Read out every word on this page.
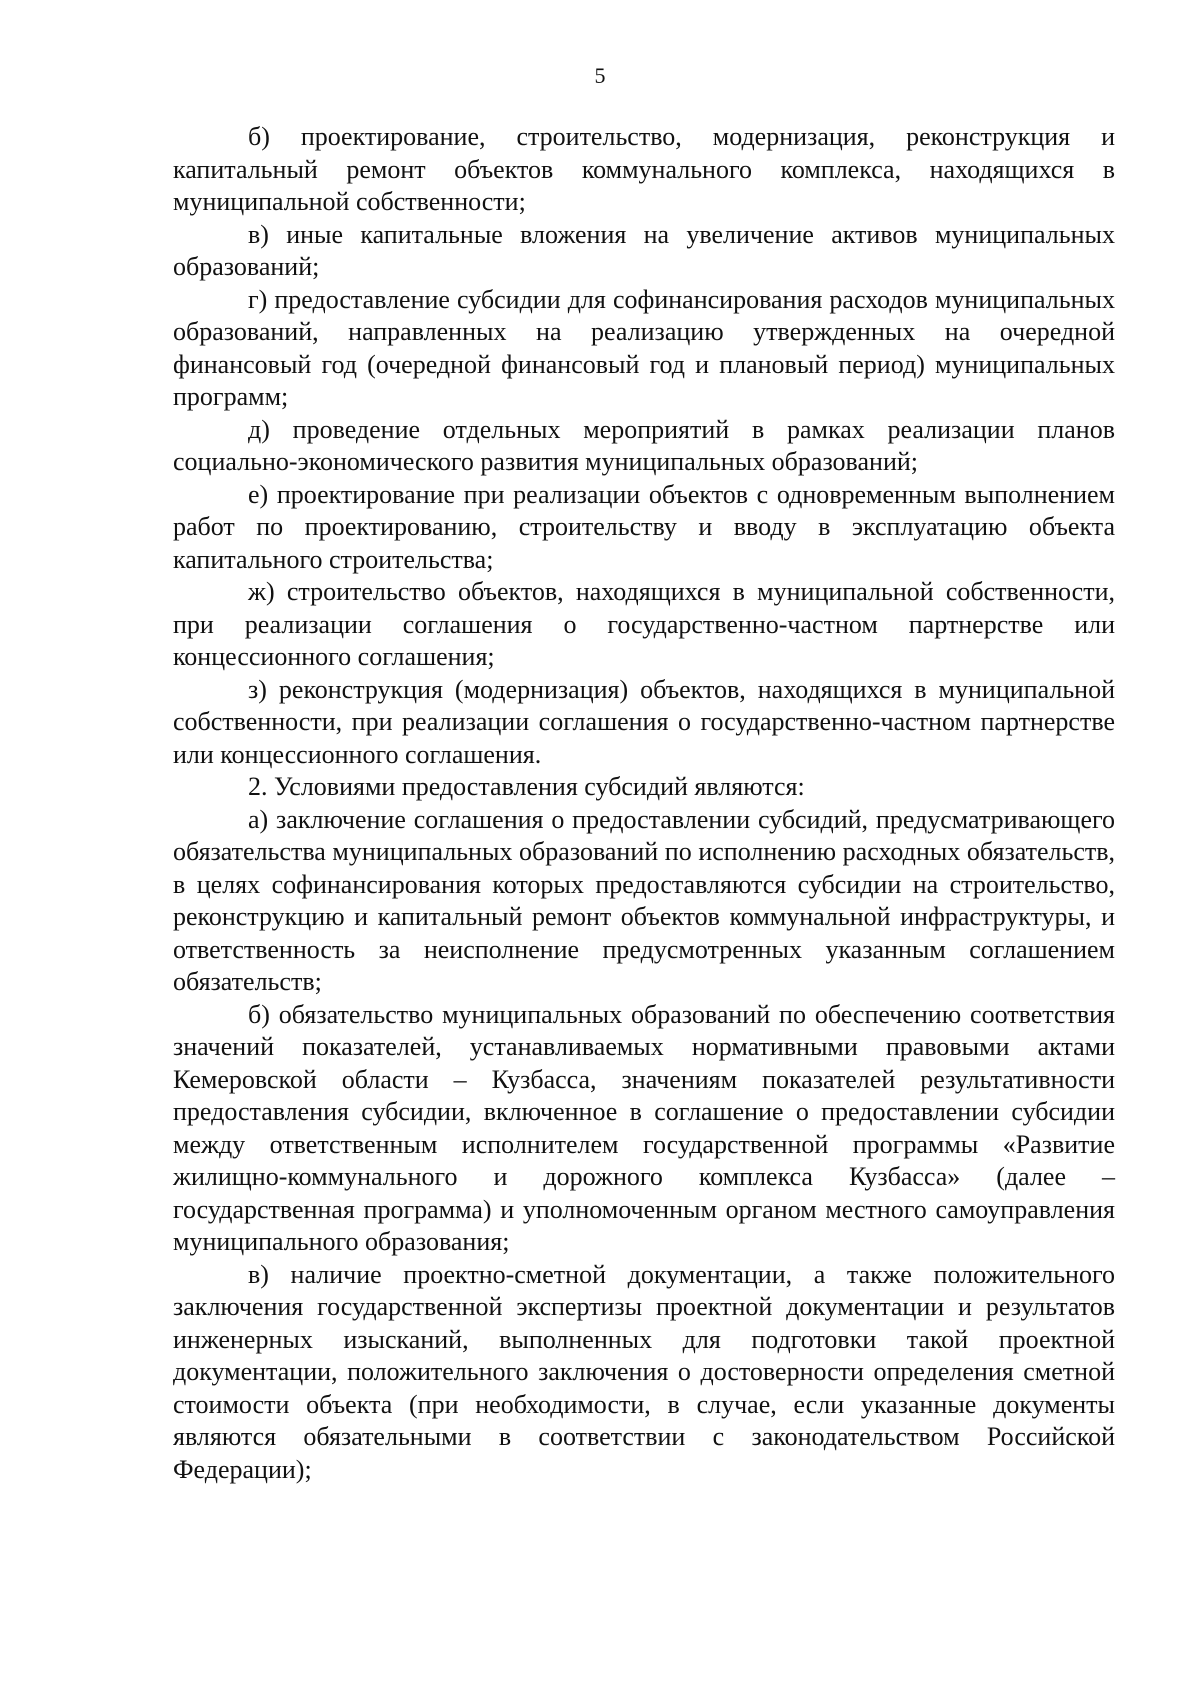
5

б) проектирование, строительство, модернизация, реконструкция и капитальный ремонт объектов коммунального комплекса, находящихся в муниципальной собственности;

в) иные капитальные вложения на увеличение активов муниципальных образований;

г) предоставление субсидии для софинансирования расходов муниципальных образований, направленных на реализацию утвержденных на очередной финансовый год (очередной финансовый год и плановый период) муниципальных программ;

д) проведение отдельных мероприятий в рамках реализации планов социально-экономического развития муниципальных образований;

е) проектирование при реализации объектов с одновременным выполнением работ по проектированию, строительству и вводу в эксплуатацию объекта капитального строительства;

ж) строительство объектов, находящихся в муниципальной собственности, при реализации соглашения о государственно-частном партнерстве или концессионного соглашения;

з) реконструкция (модернизация) объектов, находящихся в муниципальной собственности, при реализации соглашения о государственно-частном партнерстве или концессионного соглашения.

2. Условиями предоставления субсидий являются:

а) заключение соглашения о предоставлении субсидий, предусматривающего обязательства муниципальных образований по исполнению расходных обязательств, в целях софинансирования которых предоставляются субсидии на строительство, реконструкцию и капитальный ремонт объектов коммунальной инфраструктуры, и ответственность за неисполнение предусмотренных указанным соглашением обязательств;

б) обязательство муниципальных образований по обеспечению соответствия значений показателей, устанавливаемых нормативными правовыми актами Кемеровской области – Кузбасса, значениям показателей результативности предоставления субсидии, включенное в соглашение о предоставлении субсидии между ответственным исполнителем государственной программы «Развитие жилищно-коммунального и дорожного комплекса Кузбасса» (далее – государственная программа) и уполномоченным органом местного самоуправления муниципального образования;

в) наличие проектно-сметной документации, а также положительного заключения государственной экспертизы проектной документации и результатов инженерных изысканий, выполненных для подготовки такой проектной документации, положительного заключения о достоверности определения сметной стоимости объекта (при необходимости, в случае, если указанные документы являются обязательными в соответствии с законодательством Российской Федерации);
